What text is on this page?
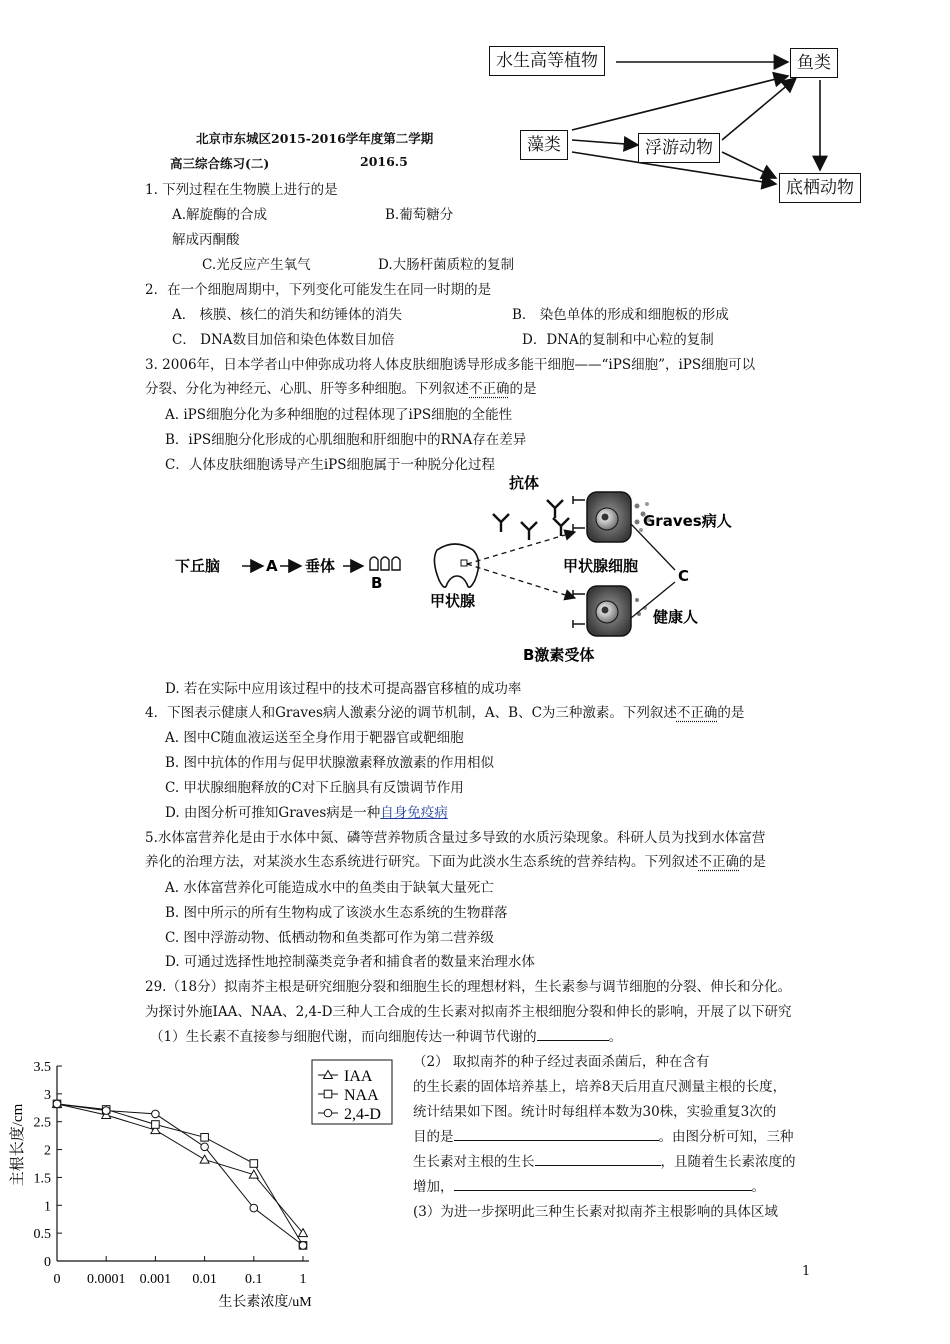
水生高等植物	鱼类
藻类	浮游动物
底栖动物
北京市东城区2015-2016学年度第二学期
高三综合练习(二)	2016.5
1. 下列过程在生物膜上进行的是
A.解旋酶的合成	B.葡萄糖分
解成丙酮酸
C.光反应产生氧气	D.大肠杆菌质粒的复制
2．在一个细胞周期中，下列变化可能发生在同一时期的是
A． 核膜、核仁的消失和纺锤体的消失	B． 染色单体的形成和细胞板的形成
C． DNA数目加倍和染色体数目加倍	D．DNA的复制和中心粒的复制
3. 2006年，日本学者山中伸弥成功将人体皮肤细胞诱导形成多能干细胞——“iPS细胞”，iPS细胞可以
分裂、分化为神经元、心肌、肝等多种细胞。下列叙述不正确的是
A. iPS细胞分化为多种细胞的过程体现了iPS细胞的全能性
B．iPS细胞分化形成的心肌细胞和肝细胞中的RNA存在差异
C．人体皮肤细胞诱导产生iPS细胞属于一种脱分化过程
下丘脑	A 垂体
B
甲状腺
抗体
Graves病人
甲状腺细胞
C
健康人
B激素受体
D. 若在实际中应用该过程中的技术可提高器官移植的成功率
4．下图表示健康人和Graves病人激素分泌的调节机制，A、B、C为三种激素。下列叙述不正确的是
A. 图中C随血液运送至全身作用于靶器官或靶细胞
B. 图中抗体的作用与促甲状腺激素释放激素的作用相似
C. 甲状腺细胞释放的C对下丘脑具有反馈调节作用
D. 由图分析可推知Graves病是一种自身免疫病
5.水体富营养化是由于水体中氮、磷等营养物质含量过多导致的水质污染现象。科研人员为找到水体富营
养化的治理方法，对某淡水生态系统进行研究。下面为此淡水生态系统的营养结构。下列叙述不正确的是
A. 水体富营养化可能造成水中的鱼类由于缺氧大量死亡
B. 图中所示的所有生物构成了该淡水生态系统的生物群落
C. 图中浮游动物、低栖动物和鱼类都可作为第二营养级
D. 可通过选择性地控制藻类竞争者和捕食者的数量来治理水体
29.（18分）拟南芥主根是研究细胞分裂和细胞生长的理想材料，生长素参与调节细胞的分裂、伸长和分化。
为探讨外施IAA、NAA、2,4-D三种人工合成的生长素对拟南芥主根细胞分裂和伸长的影响，开展了以下研究
（1）生长素不直接参与细胞代谢，而向细胞传达一种调节代谢的	。
（2） 取拟南芥的种子经过表面杀菌后，种在含有
的生长素的固体培养基上，培养8天后用直尺测量主根的长度，
统计结果如下图。统计时每组样本数为30株，实验重复3次的
目的是	。由图分析可知，三种
生长素对主根的生长	，且随着生长素浓度的
增加，	。
(3）为进一步探明此三种生长素对拟南芥主根影响的具体区域
0
0.5
1
1.5
2
2.5
3
3.5
0 0.0001 0.001 0.01 0.1	1
生长素浓度/uM
主根长度/cm
IAA
NAA
2,4-D
1
